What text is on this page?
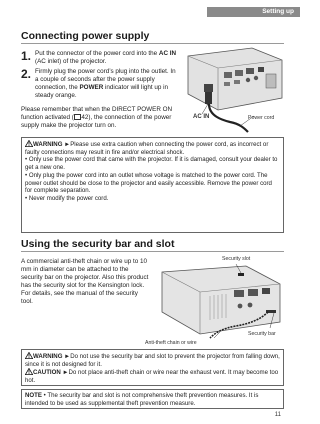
Setting up
Connecting power supply
1. Put the connector of the power cord into the AC IN (AC inlet) of the projector.
2. Firmly plug the power cord’s plug into the outlet. In a couple of seconds after the power supply connection, the POWER indicator will light up in steady orange.
Please remember that when the DIRECT POWER ON function activated ( 42), the connection of the power supply make the projector turn on.
AC IN	Power cord

WARNING ►Please use extra caution when connecting the power cord, as incorrect or faulty connections may result in fire and/or electrical shock.

• Only use the power cord that came with the projector. If it is damaged, consult your dealer to get a new one.

• Only plug the power cord into an outlet whose voltage is matched to the power cord. The power outlet should be close to the projector and easily accessible. Remove the power cord for complete separation.

• Never modify the power cord.

Using the security bar and slot
A commercial anti-theft chain or wire up to 10 mm in diameter can be attached to the security bar on the projector. Also this product has the security slot for the Kensington lock. For details, see the manual of the security tool.
Security slot
Security bar
Anti-theft chain or wire

WARNING ►Do not use the security bar and slot to prevent the projector from falling down, since it is not designed for it.

CAUTION ►Do not place anti-theft chain or wire near the exhaust vent. It may become too hot.

NOTE • The security bar and slot is not comprehensive theft prevention measures. It is intended to be used as supplemental theft prevention measure.

11
